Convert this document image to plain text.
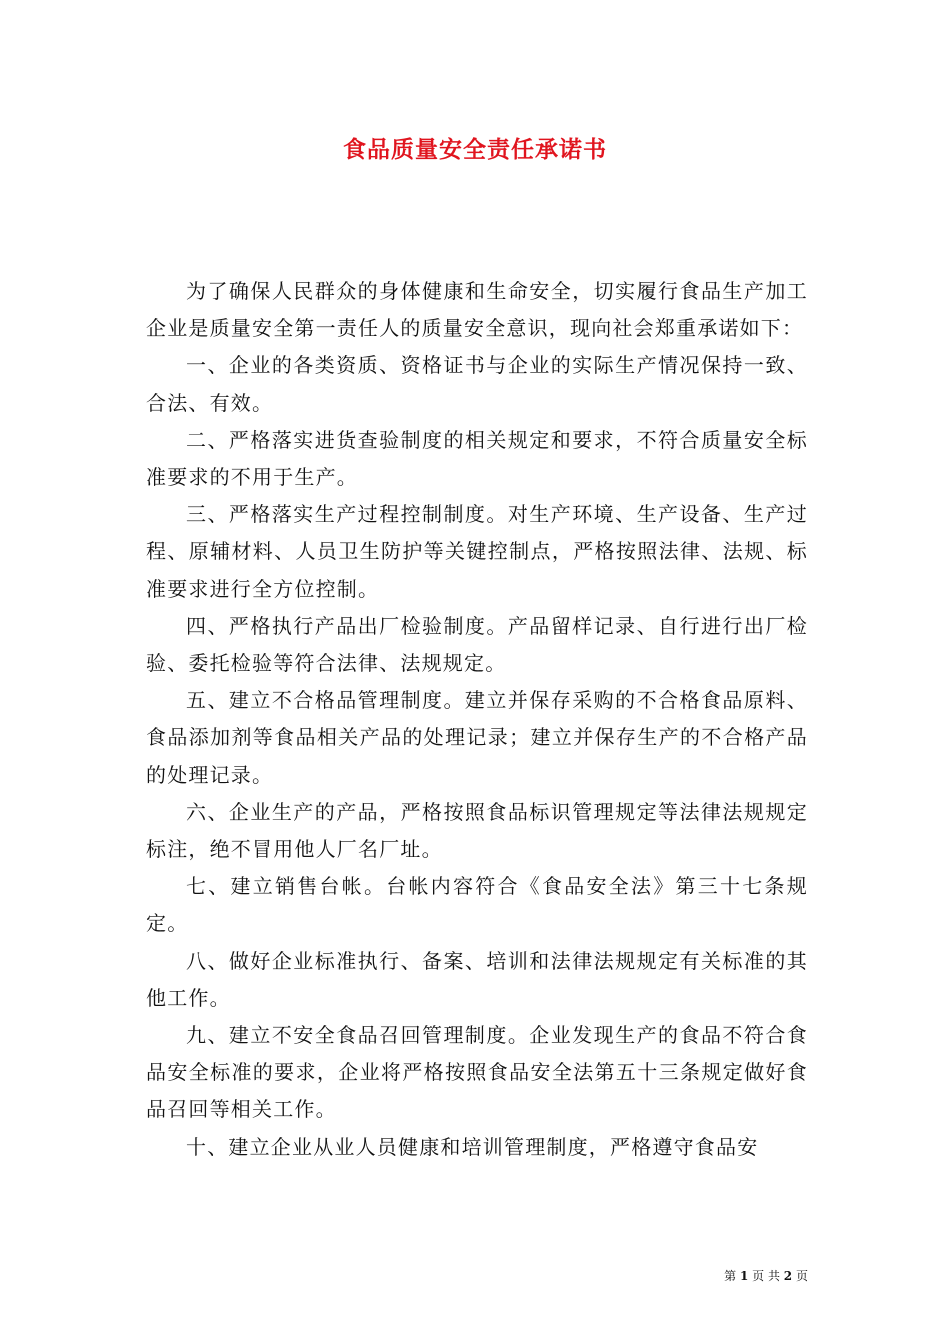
食品质量安全责任承诺书

为了确保人民群众的身体健康和生命安全，切实履行食品生产加工企业是质量安全第一责任人的质量安全意识，现向社会郑重承诺如下：

一、企业的各类资质、资格证书与企业的实际生产情况保持一致、合法、有效。

二、严格落实进货查验制度的相关规定和要求，不符合质量安全标准要求的不用于生产。

三、严格落实生产过程控制制度。对生产环境、生产设备、生产过程、原辅材料、人员卫生防护等关键控制点，严格按照法律、法规、标准要求进行全方位控制。

四、严格执行产品出厂检验制度。产品留样记录、自行进行出厂检验、委托检验等符合法律、法规规定。

五、建立不合格品管理制度。建立并保存采购的不合格食品原料、食品添加剂等食品相关产品的处理记录；建立并保存生产的不合格产品的处理记录。

六、企业生产的产品，严格按照食品标识管理规定等法律法规规定标注，绝不冒用他人厂名厂址。

七、建立销售台帐。台帐内容符合《食品安全法》第三十七条规定。

八、做好企业标准执行、备案、培训和法律法规规定有关标准的其他工作。

九、建立不安全食品召回管理制度。企业发现生产的食品不符合食品安全标准的要求，企业将严格按照食品安全法第五十三条规定做好食品召回等相关工作。

十、建立企业从业人员健康和培训管理制度，严格遵守食品安

第 1 页 共 2 页
